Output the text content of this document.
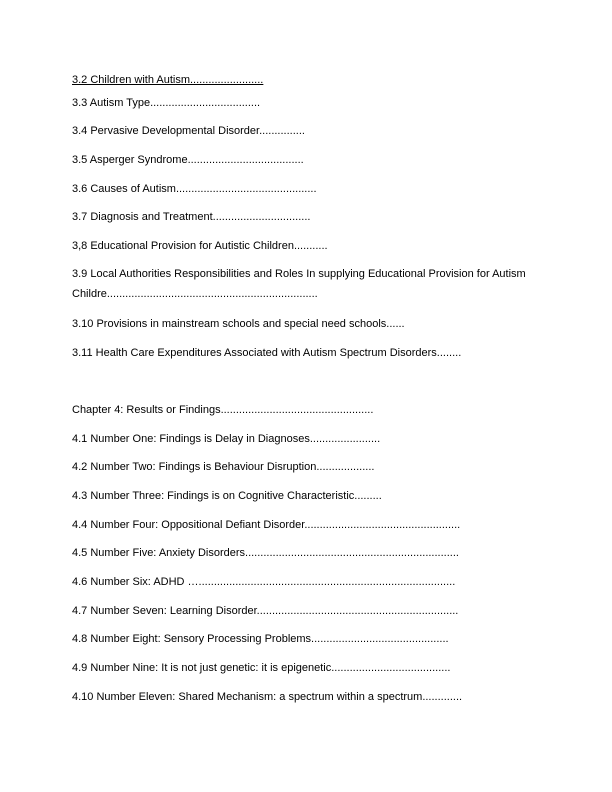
3.2 Children with Autism........................
3.3 Autism Type....................................
3.4 Pervasive Developmental Disorder...............
3.5 Asperger Syndrome......................................
3.6 Causes of Autism..............................................
3.7 Diagnosis and Treatment................................
3,8 Educational Provision for Autistic Children...........
3.9 Local Authorities Responsibilities and Roles In supplying Educational Provision for Autism Childre.....................................................................
3.10 Provisions in mainstream schools and special need schools......
3.11 Health Care Expenditures Associated with Autism Spectrum Disorders........
Chapter 4: Results or Findings..................................................
4.1 Number One: Findings is Delay in Diagnoses.......................
4.2 Number Two: Findings is Behaviour Disruption...................
4.3 Number Three: Findings is on Cognitive Characteristic.........
4.4 Number Four: Oppositional Defiant Disorder...................................................
4.5 Number Five: Anxiety Disorders......................................................................
4.6 Number Six: ADHD …....................................................................................
4.7 Number Seven: Learning Disorder..................................................................
4.8 Number Eight: Sensory Processing Problems.............................................
4.9 Number Nine: It is not just genetic: it is epigenetic.......................................
4.10 Number Eleven: Shared Mechanism: a spectrum within a spectrum.............
